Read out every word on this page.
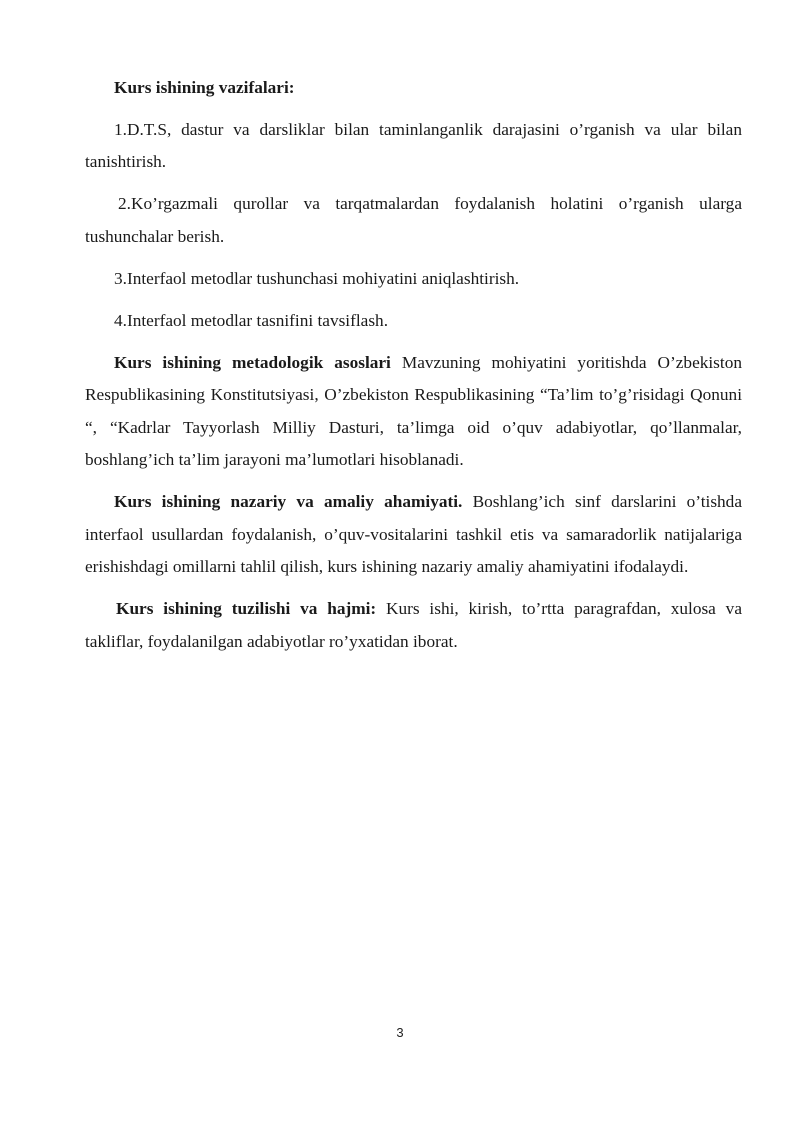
Kurs ishining vazifalari:

1.D.T.S, dastur va darsliklar bilan taminlanganlik darajasini o’rganish va ular bilan tanishtirish.

2.Ko’rgazmali qurollar va tarqatmalardan foydalanish holatini o’rganish ularga tushunchalar berish.

3.Interfaol metodlar tushunchasi mohiyatini aniqlashtirish.

4.Interfaol metodlar tasnifini tavsiflash.

Kurs ishining metadologik asoslari Mavzuning mohiyatini yoritishda O’zbekiston Respublikasining Konstitutsiyasi, O’zbekiston Respublikasining “Ta’lim to’g’risidagi Qonuni “, “Kadrlar Tayyorlash Milliy Dasturi, ta’limga oid o’quv adabiyotlar, qo’llanmalar, boshlang’ich ta’lim jarayoni ma’lumotlari hisoblanadi.

Kurs ishining nazariy va amaliy ahamiyati. Boshlang’ich sinf darslarini o’tishda interfaol usullardan foydalanish, o’quv-vositalarini tashkil etis va samaradorlik natijalariga erishishdagi omillarni tahlil qilish, kurs ishining nazariy amaliy ahamiyatini ifodalaydi.

Kurs ishining tuzilishi va hajmi: Kurs ishi, kirish, to’rtta paragrafdan, xulosa va takliflar, foydalanilgan adabiyotlar ro’yxatidan iborat.

3
